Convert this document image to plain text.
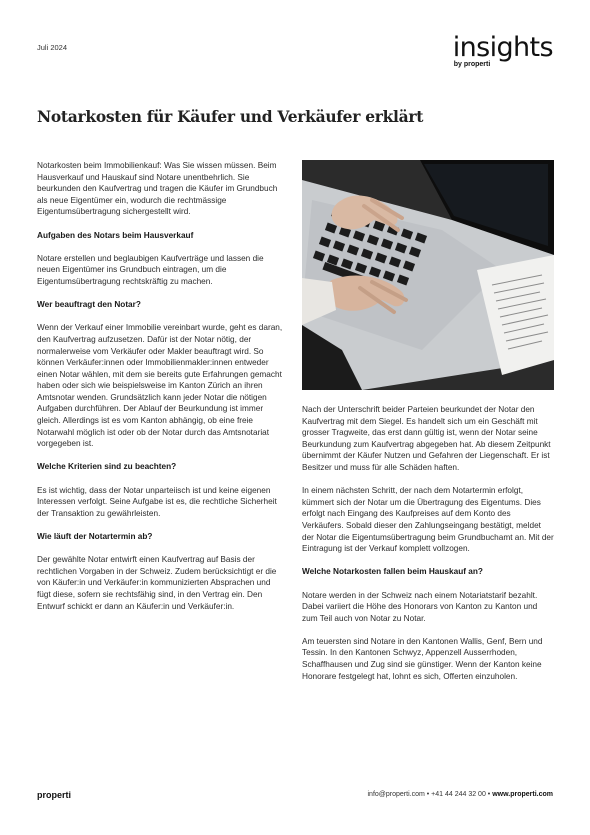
Juli 2024	insights
by properti
Notarkosten für Käufer und Verkäufer erklärt

Notarkosten beim Immobilienkauf: Was Sie wissen müssen. Beim Hausverkauf und Hauskauf sind Notare unentbehrlich. Sie beurkunden den Kaufvertrag und tragen die Käufer im Grundbuch als neue Eigentümer ein, wodurch die rechtmässige Eigentumsübertragung sichergestellt wird.

Aufgaben des Notars beim Hausverkauf

Notare erstellen und beglaubigen Kaufverträge und lassen die neuen Eigentümer ins Grundbuch eintragen, um die Eigentumsübertragung rechtskräftig zu machen.

Wer beauftragt den Notar?

Wenn der Verkauf einer Immobilie vereinbart wurde, geht es daran, den Kaufvertrag aufzusetzen. Dafür ist der Notar nötig, der normalerweise vom Verkäufer oder Makler beauftragt wird. So können Verkäufer:innen oder Immobilienmakler:innen entweder einen Notar wählen, mit dem sie bereits gute Erfahrungen gemacht haben oder sich wie beispielsweise im Kanton Zürich an ihren Amtsnotar wenden. Grundsätzlich kann jeder Notar die nötigen Aufgaben durchführen. Der Ablauf der Beurkundung ist immer gleich. Allerdings ist es vom Kanton abhängig, ob eine freie Notarwahl möglich ist oder ob der Notar durch das Amtsnotariat vorgegeben ist.

Welche Kriterien sind zu beachten?

Es ist wichtig, dass der Notar unparteiisch ist und keine eigenen Interessen verfolgt. Seine Aufgabe ist es, die rechtliche Sicherheit der Transaktion zu gewährleisten.

Wie läuft der Notartermin ab?

Der gewählte Notar entwirft einen Kaufvertrag auf Basis der rechtlichen Vorgaben in der Schweiz. Zudem berücksichtigt er die von Käufer:in und Verkäufer:in kommunizierten Absprachen und fügt diese, sofern sie rechtsfähig sind, in den Vertrag ein. Den Entwurf schickt er dann an Käufer:in und Verkäufer:in.

Nach der Unterschrift beider Parteien beurkundet der Notar den Kaufvertrag mit dem Siegel. Es handelt sich um ein Geschäft mit grosser Tragweite, das erst dann gültig ist, wenn der Notar seine Beurkundung zum Kaufvertrag abgegeben hat. Ab diesem Zeitpunkt übernimmt der Käufer Nutzen und Gefahren der Liegenschaft. Er ist Besitzer und muss für alle Schäden haften.

In einem nächsten Schritt, der nach dem Notartermin erfolgt, kümmert sich der Notar um die Übertragung des Eigentums. Dies erfolgt nach Eingang des Kaufpreises auf dem Konto des Verkäufers. Sobald dieser den Zahlungseingang bestätigt, meldet der Notar die Eigentumsübertragung beim Grundbuchamt an. Mit der Eintragung ist der Verkauf komplett vollzogen.

Welche Notarkosten fallen beim Hauskauf an?

Notare werden in der Schweiz nach einem Notariatstarif bezahlt. Dabei variiert die Höhe des Honorars von Kanton zu Kanton und zum Teil auch von Notar zu Notar.

Am teuersten sind Notare in den Kantonen Wallis, Genf, Bern und Tessin. In den Kantonen Schwyz, Appenzell Ausserrhoden, Schaffhausen und Zug sind sie günstiger. Wenn der Kanton keine Honorare festgelegt hat, lohnt es sich, Offerten einzuholen.

properti	info@properti.com • +41 44 244 32 00 • www.properti.com
